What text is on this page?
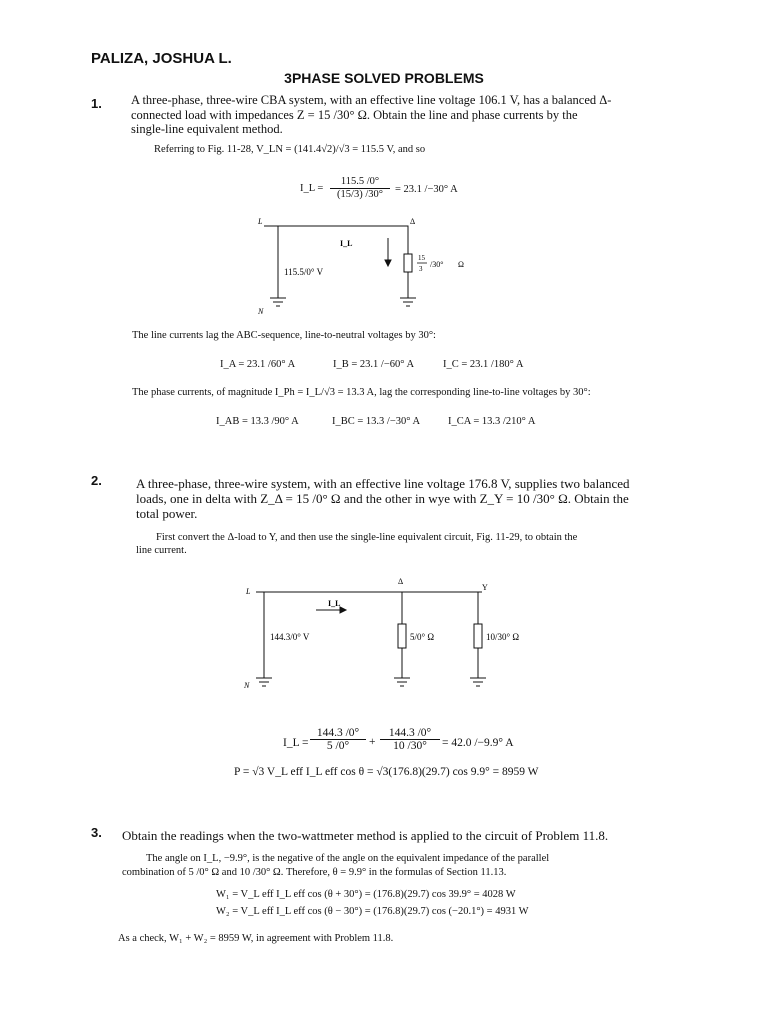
PALIZA, JOSHUA L.
3PHASE SOLVED PROBLEMS
1. A three-phase, three-wire CBA system, with an effective line voltage 106.1 V, has a balanced Δ-
connected load with impedances Z = 15 /30° Ω. Obtain the line and phase currents by the
single-line equivalent method.
Referring to Fig. 11-28, V_LN = (141.4√2)/√3 = 115.5 V, and so
I_L = $\frac{115.5 /0^\circ}{(15/3) /30^\circ} = 23.1$ /−30° A
L	Δ
I_L
115.5/0° V
N
15
3 /30° Ω
The line currents lag the ABC-sequence, line-to-neutral voltages by 30°:
I_A = 23.1 /60° A	I_B = 23.1 /−60° A	I_C = 23.1 /180° A
The phase currents, of magnitude I_Ph = I_L/√3 = 13.3 A, lag the corresponding line-to-line voltages by 30°:
I_AB = 13.3 /90° A	I_BC = 13.3 /−30° A	I_CA = 13.3 /210° A
2.	A three-phase, three-wire system, with an effective line voltage 176.8 V, supplies two balanced
loads, one in delta with Z_Δ = 15 /0° Ω and the other in wye with Z_Y = 10 /30° Ω. Obtain the
total power.
First convert the Δ-load to Y, and then use the single-line equivalent circuit, Fig. 11-29, to obtain the
line current.
L
Δ
Y
I_L
144.3/0° V	5/0° Ω	10/30° Ω
N
I_L = $\frac{144.3 /0^\circ}{5 /0^\circ} + \frac{144.3 /0^\circ}{10 /30^\circ} = 42.0$ /−9.9° A
P = √3 V_L eff I_L eff cos θ = √3(176.8)(29.7) cos 9.9° = 8959 W
3. Obtain the readings when the two-wattmeter method is applied to the circuit of Problem 11.8.
The angle on I_L, −9.9°, is the negative of the angle on the equivalent impedance of the parallel
combination of 5 /0° Ω and 10 /30° Ω. Therefore, θ = 9.9° in the formulas of Section 11.13.
W₁ = V_L eff I_L eff cos (θ + 30°) = (176.8)(29.7) cos 39.9° = 4028 W
W₂ = V_L eff I_L eff cos (θ − 30°) = (176.8)(29.7) cos (−20.1°) = 4931 W
As a check, W₁ + W₂ = 8959 W, in agreement with Problem 11.8.
